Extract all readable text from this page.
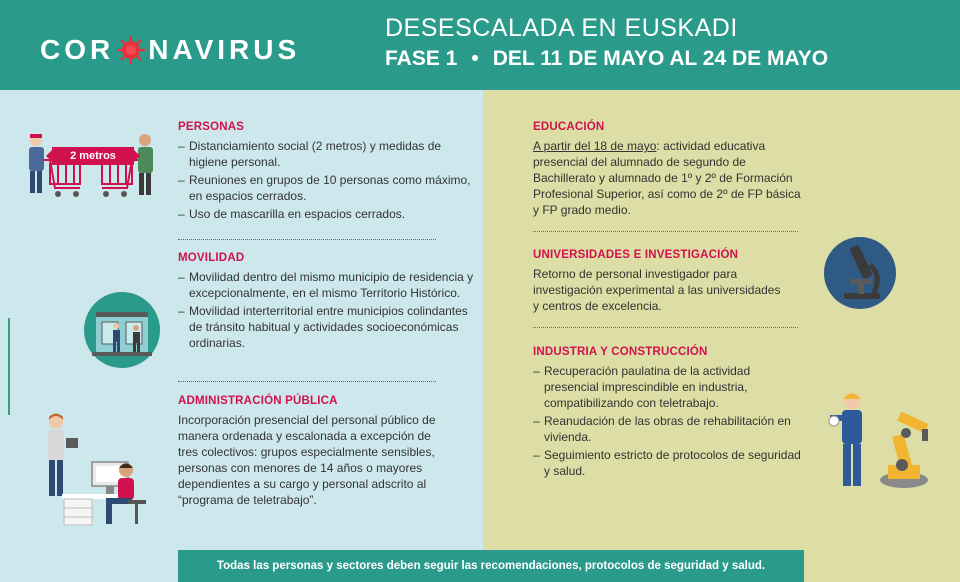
COR NAVIRUS
DESESCALADA EN EUSKADI
FASE 1 • DEL 11 DE MAYO AL 24 DE MAYO
2 metros
PERSONAS
– Distanciamiento social (2 metros) y medidas de higiene personal.
– Reuniones en grupos de 10 personas como máximo, en espacios cerrados.
– Uso de mascarilla en espacios cerrados.
MOVILIDAD
– Movilidad dentro del mismo municipio de residencia y excepcionalmente, en el mismo Territorio Histórico.
– Movilidad interterritorial entre municipios colindantes de tránsito habitual y actividades socioeconómicas ordinarias.
ADMINISTRACIÓN PÚBLICA
Incorporación presencial del personal público de manera ordenada y escalonada a excepción de tres colectivos: grupos especialmente sensibles, personas con menores de 14 años o mayores dependientes a su cargo y personal adscrito al “programa de teletrabajo”.
EDUCACIÓN
A partir del 18 de mayo: actividad educativa presencial del alumnado de segundo de Bachillerato y alumnado de 1º y 2º de Formación Profesional Superior, así como de 2º de FP básica y FP grado medio.
UNIVERSIDADES E INVESTIGACIÓN
Retorno de personal investigador para investigación experimental a las universidades y centros de excelencia.
INDUSTRIA Y CONSTRUCCIÓN
– Recuperación paulatina de la actividad presencial imprescindible en industria, compatibilizando con teletrabajo.
– Reanudación de las obras de rehabilitación en vivienda.
– Seguimiento estricto de protocolos de seguridad y salud.
Todas las personas y sectores deben seguir las recomendaciones, protocolos de seguridad y salud.
